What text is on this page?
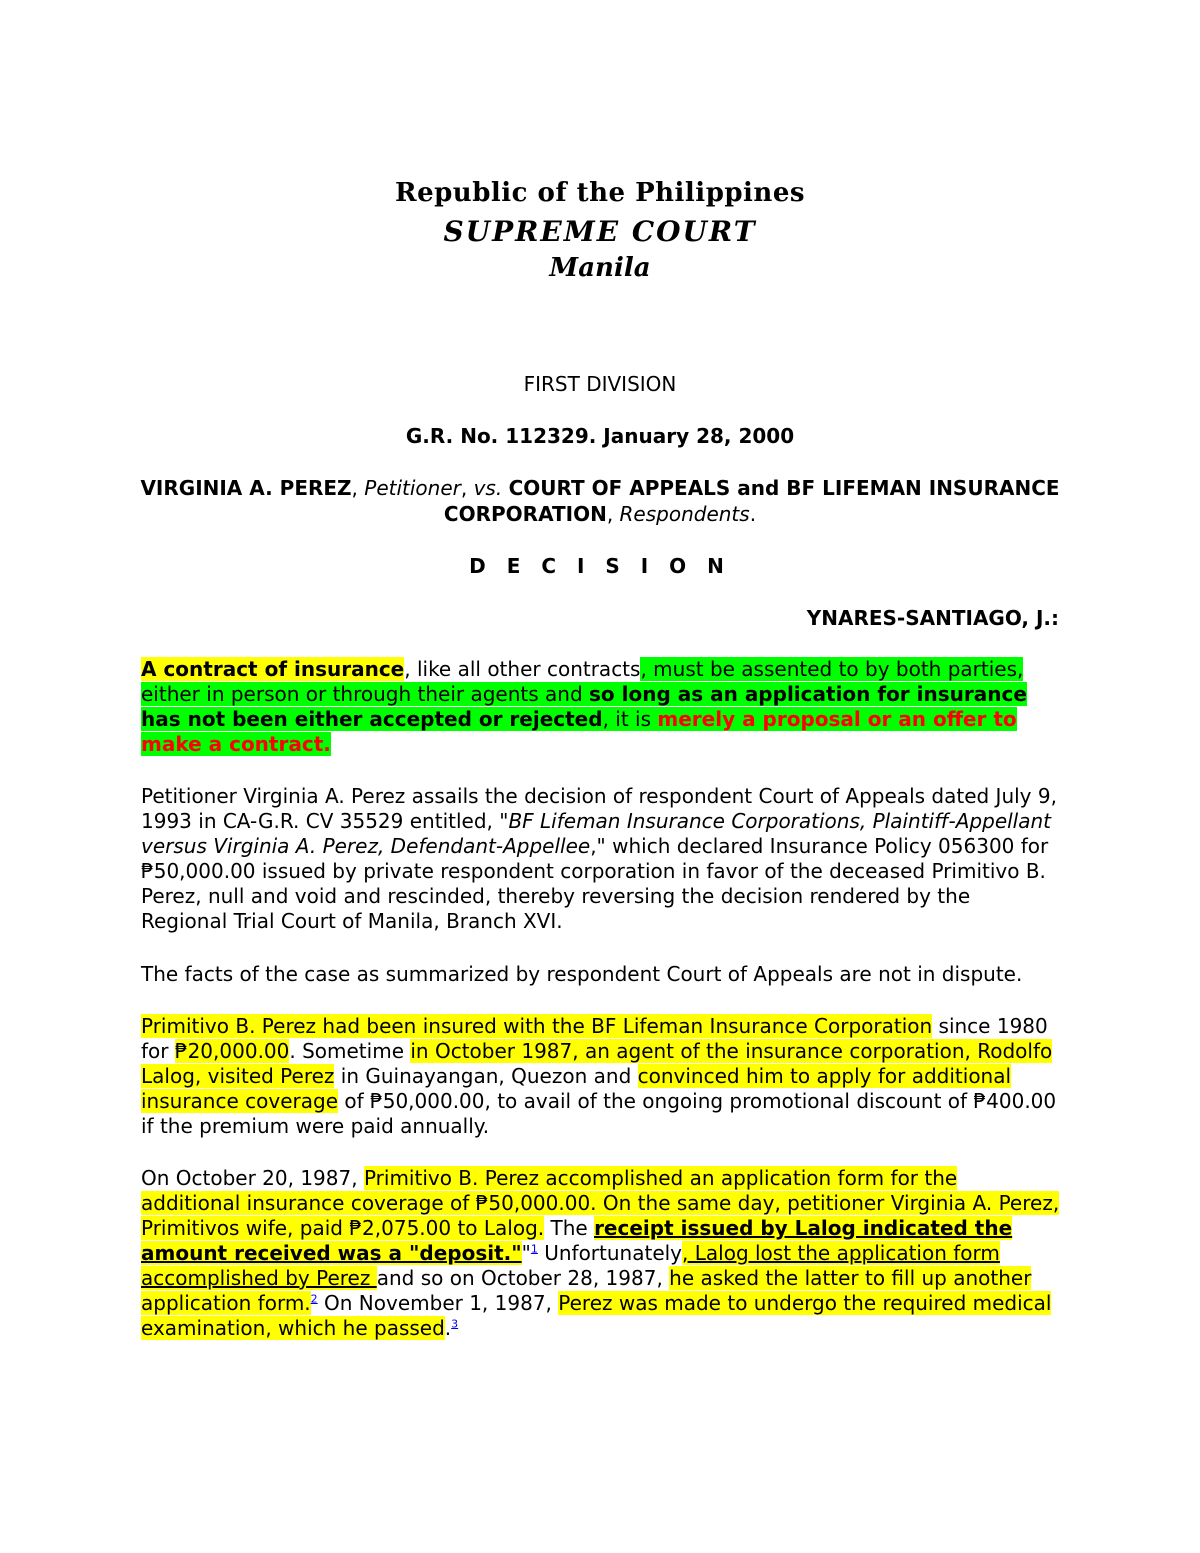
Republic of the Philippines
SUPREME COURT
Manila
FIRST DIVISION
G.R. No. 112329. January 28, 2000
VIRGINIA A. PEREZ, Petitioner, vs. COURT OF APPEALS and BF LIFEMAN INSURANCE CORPORATION, Respondents.
D E C I S I O N
YNARES-SANTIAGO, J.:

A contract of insurance, like all other contracts, must be assented to by both parties, either in person or through their agents and so long as an application for insurance has not been either accepted or rejected, it is merely a proposal or an offer to make a contract.

Petitioner Virginia A. Perez assails the decision of respondent Court of Appeals dated July 9, 1993 in CA-G.R. CV 35529 entitled, "BF Lifeman Insurance Corporations, Plaintiff-Appellant versus Virginia A. Perez, Defendant-Appellee," which declared Insurance Policy 056300 for ₱50,000.00 issued by private respondent corporation in favor of the deceased Primitivo B. Perez, null and void and rescinded, thereby reversing the decision rendered by the Regional Trial Court of Manila, Branch XVI.

The facts of the case as summarized by respondent Court of Appeals are not in dispute.

Primitivo B. Perez had been insured with the BF Lifeman Insurance Corporation since 1980 for ₱20,000.00. Sometime in October 1987, an agent of the insurance corporation, Rodolfo Lalog, visited Perez in Guinayangan, Quezon and convinced him to apply for additional insurance coverage of ₱50,000.00, to avail of the ongoing promotional discount of ₱400.00 if the premium were paid annually.

On October 20, 1987, Primitivo B. Perez accomplished an application form for the additional insurance coverage of ₱50,000.00. On the same day, petitioner Virginia A. Perez, Primitivos wife, paid ₱2,075.00 to Lalog. The receipt issued by Lalog indicated the amount received was a "deposit.""$^1$ Unfortunately, Lalog lost the application form accomplished by Perez and so on October 28, 1987, he asked the latter to fill up another application form.$^2$ On November 1, 1987, Perez was made to undergo the required medical examination, which he passed.$^3$
